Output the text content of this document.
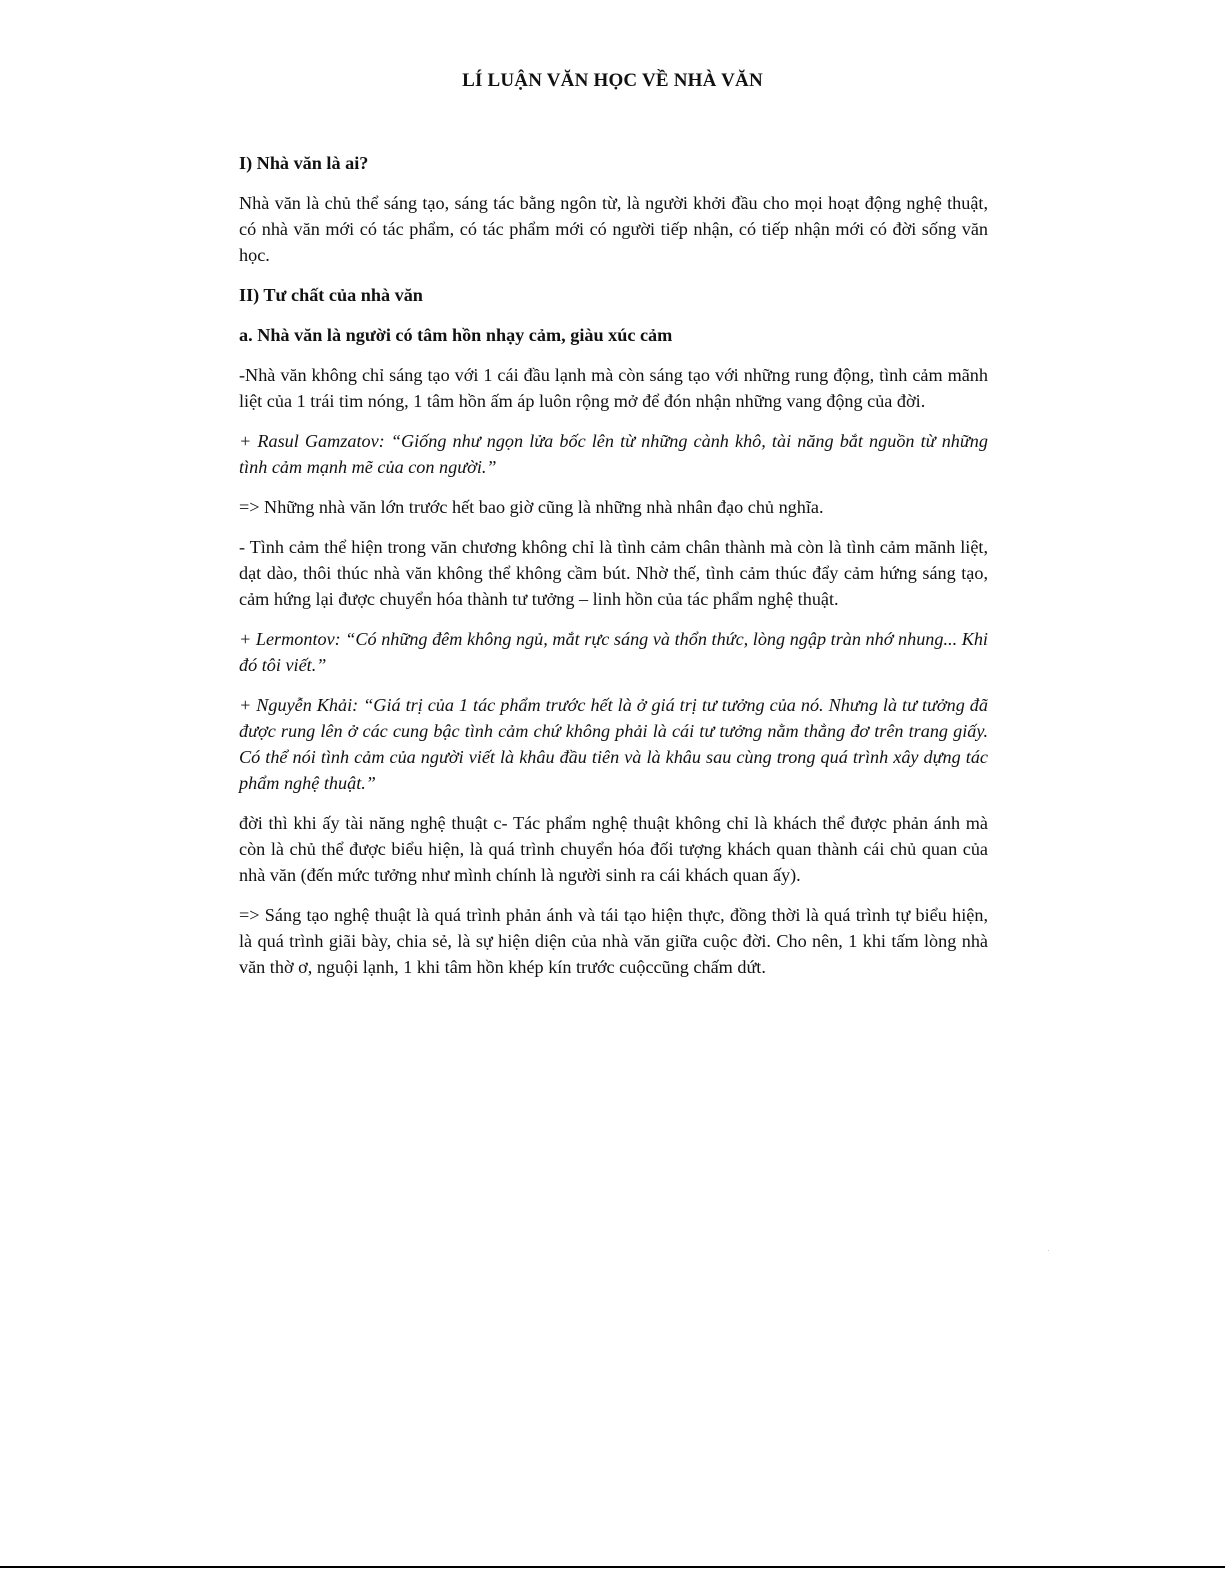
LÍ LUẬN VĂN HỌC VỀ NHÀ VĂN
I) Nhà văn là ai?

Nhà văn là chủ thể sáng tạo, sáng tác bằng ngôn từ, là người khởi đầu cho mọi hoạt động nghệ thuật, có nhà văn mới có tác phẩm, có tác phẩm mới có người tiếp nhận, có tiếp nhận mới có đời sống văn học.

II) Tư chất của nhà văn
a. Nhà văn là người có tâm hồn nhạy cảm, giàu xúc cảm

-Nhà văn không chỉ sáng tạo với 1 cái đầu lạnh mà còn sáng tạo với những rung động, tình cảm mãnh liệt của 1 trái tim nóng, 1 tâm hồn ấm áp luôn rộng mở để đón nhận những vang động của đời.

+ Rasul Gamzatov: “Giống như ngọn lửa bốc lên từ những cành khô, tài năng bắt nguồn từ những tình cảm mạnh mẽ của con người.”

=> Những nhà văn lớn trước hết bao giờ cũng là những nhà nhân đạo chủ nghĩa.

- Tình cảm thể hiện trong văn chương không chỉ là tình cảm chân thành mà còn là tình cảm mãnh liệt, dạt dào, thôi thúc nhà văn không thể không cầm bút. Nhờ thế, tình cảm thúc đẩy cảm hứng sáng tạo, cảm hứng lại được chuyển hóa thành tư tưởng – linh hồn của tác phẩm nghệ thuật.

+ Lermontov: “Có những đêm không ngủ, mắt rực sáng và thổn thức, lòng ngập tràn nhớ nhung... Khi đó tôi viết.”

+ Nguyễn Khải: “Giá trị của 1 tác phẩm trước hết là ở giá trị tư tưởng của nó. Nhưng là tư tưởng đã được rung lên ở các cung bậc tình cảm chứ không phải là cái tư tưởng nằm thẳng đơ trên trang giấy. Có thể nói tình cảm của người viết là khâu đầu tiên và là khâu sau cùng trong quá trình xây dựng tác phẩm nghệ thuật.”

đời thì khi ấy tài năng nghệ thuật c- Tác phẩm nghệ thuật không chỉ là khách thể được phản ánh mà còn là chủ thể được biểu hiện, là quá trình chuyển hóa đối tượng khách quan thành cái chủ quan của nhà văn (đến mức tưởng như mình chính là người sinh ra cái khách quan ấy).

=> Sáng tạo nghệ thuật là quá trình phản ánh và tái tạo hiện thực, đồng thời là quá trình tự biểu hiện, là quá trình giãi bày, chia sẻ, là sự hiện diện của nhà văn giữa cuộc đời. Cho nên, 1 khi tấm lòng nhà văn thờ ơ, nguội lạnh, 1 khi tâm hồn khép kín trước cuộccũng chấm dứt.
